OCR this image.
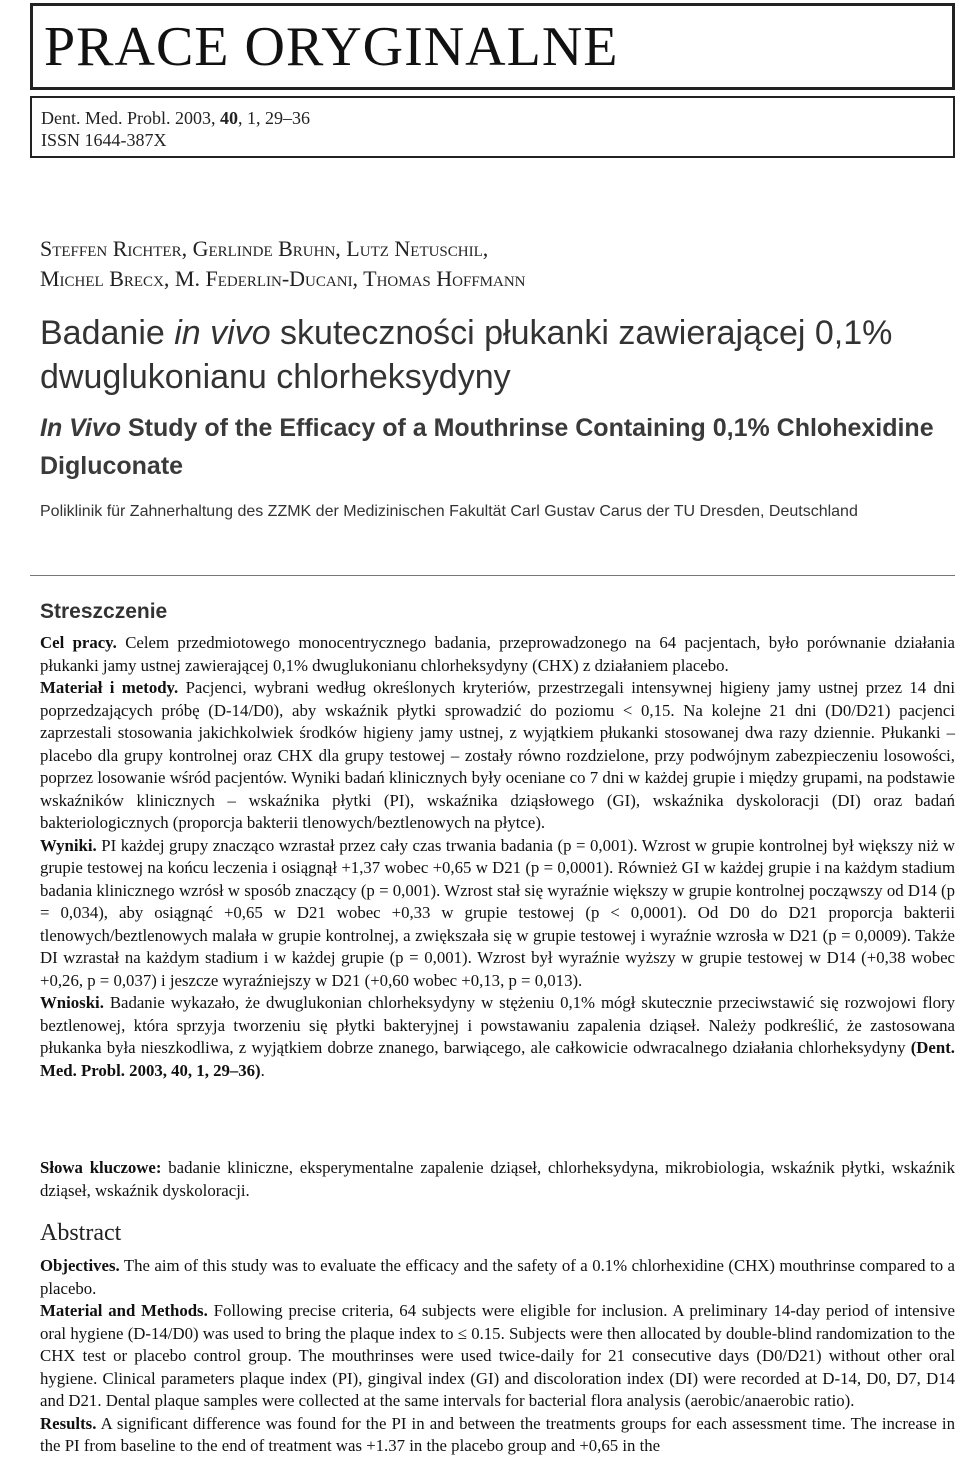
PRACE ORYGINALNE
Dent. Med. Probl. 2003, 40, 1, 29–36
ISSN 1644-387X
Steffen Richter, Gerlinde Bruhn, Lutz Netuschil,
Michel Brecx, M. Federlin-Ducani, Thomas Hoffmann
Badanie in vivo skuteczności płukanki zawierającej 0,1% dwuglukonianu chlorheksydyny
In Vivo Study of the Efficacy of a Mouthrinse Containing 0,1% Chlohexidine Digluconate
Poliklinik für Zahnerhaltung des ZZMK der Medizinischen Fakultät Carl Gustav Carus der TU Dresden, Deutschland
Streszczenie

Cel pracy. Celem przedmiotowego monocentrycznego badania, przeprowadzonego na 64 pacjentach, było porównanie działania płukanki jamy ustnej zawierającej 0,1% dwuglukonianu chlorheksydyny (CHX) z działaniem placebo.

Materiał i metody. Pacjenci, wybrani według określonych kryteriów, przestrzegali intensywnej higieny jamy ustnej przez 14 dni poprzedzających próbę (D-14/D0), aby wskaźnik płytki sprowadzić do poziomu < 0,15. Na kolejne 21 dni (D0/D21) pacjenci zaprzestali stosowania jakichkolwiek środków higieny jamy ustnej, z wyjątkiem płukanki stosowanej dwa razy dziennie. Płukanki – placebo dla grupy kontrolnej oraz CHX dla grupy testowej – zostały równo rozdzielone, przy podwójnym zabezpieczeniu losowości, poprzez losowanie wśród pacjentów. Wyniki badań klinicznych były oceniane co 7 dni w każdej grupie i między grupami, na podstawie wskaźników klinicznych – wskaźnika płytki (PI), wskaźnika dziąsłowego (GI), wskaźnika dyskoloracji (DI) oraz badań bakteriologicznych (proporcja bakterii tlenowych/beztlenowych na płytce).

Wyniki. PI każdej grupy znacząco wzrastał przez cały czas trwania badania (p = 0,001). Wzrost w grupie kontrolnej był większy niż w grupie testowej na końcu leczenia i osiągnął +1,37 wobec +0,65 w D21 (p = 0,0001). Również GI w każdej grupie i na każdym stadium badania klinicznego wzrósł w sposób znaczący (p = 0,001). Wzrost stał się wyraźnie większy w grupie kontrolnej począwszy od D14 (p = 0,034), aby osiągnąć +0,65 w D21 wobec +0,33 w grupie testowej (p < 0,0001). Od D0 do D21 proporcja bakterii tlenowych/beztlenowych malała w grupie kontrolnej, a zwiększała się w grupie testowej i wyraźnie wzrosła w D21 (p = 0,0009). Także DI wzrastał na każdym stadium i w każdej grupie (p = 0,001). Wzrost był wyraźnie wyższy w grupie testowej w D14 (+0,38 wobec +0,26, p = 0,037) i jeszcze wyraźniejszy w D21 (+0,60 wobec +0,13, p = 0,013).

Wnioski. Badanie wykazało, że dwuglukonian chlorheksydyny w stężeniu 0,1% mógł skutecznie przeciwstawić się rozwojowi flory beztlenowej, która sprzyja tworzeniu się płytki bakteryjnej i powstawaniu zapalenia dziąseł. Należy podkreślić, że zastosowana płukanka była nieszkodliwa, z wyjątkiem dobrze znanego, barwiącego, ale całkowicie odwracalnego działania chlorheksydyny (Dent. Med. Probl. 2003, 40, 1, 29–36).

Słowa kluczowe: badanie kliniczne, eksperymentalne zapalenie dziąseł, chlorheksydyna, mikrobiologia, wskaźnik płytki, wskaźnik dziąseł, wskaźnik dyskoloracji.
Abstract

Objectives. The aim of this study was to evaluate the efficacy and the safety of a 0.1% chlorhexidine (CHX) mouthrinse compared to a placebo.

Material and Methods. Following precise criteria, 64 subjects were eligible for inclusion. A preliminary 14-day period of intensive oral hygiene (D-14/D0) was used to bring the plaque index to ≤ 0.15. Subjects were then allocated by double-blind randomization to the CHX test or placebo control group. The mouthrinses were used twice-daily for 21 consecutive days (D0/D21) without other oral hygiene. Clinical parameters plaque index (PI), gingival index (GI) and discoloration index (DI) were recorded at D-14, D0, D7, D14 and D21. Dental plaque samples were collected at the same intervals for bacterial flora analysis (aerobic/anaerobic ratio).

Results. A significant difference was found for the PI in and between the treatments groups for each assessment time. The increase in the PI from baseline to the end of treatment was +1.37 in the placebo group and +0,65 in the
